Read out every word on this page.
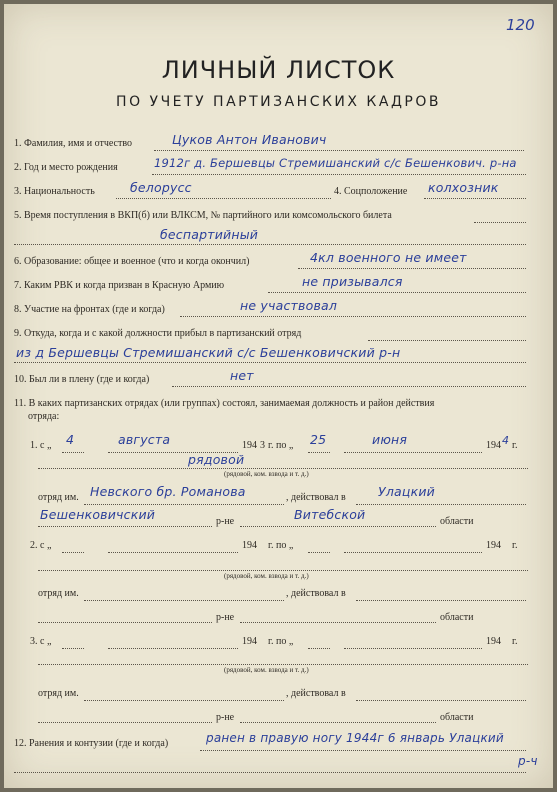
120
ЛИЧНЫЙ ЛИСТОК
ПО УЧЕТУ ПАРТИЗАНСКИХ КАДРОВ
1. Фамилия, имя и отчество	Цуков Антон Иванович
2. Год и место рождения	1912г д. Бершевцы Стремишанский с/с Бешенкович. р-на
3. Национальность	белорусс	4. Соцположение колхозник
5. Время поступления в ВКП(б) или ВЛКСМ, № партийного или комсомольского билета
беспартийный
6. Образование: общее и военное (что и когда окончил)	4кл военного не имеет
7. Каким РВК и когда призван в Красную Армию	не призывался
8. Участие на фронтах (где и когда)	не участвовал
9. Откуда, когда и с какой должности прибыл в партизанский отряд
из д Бершевцы Стремишанский с/с Бешенковичский р-н
10. Был ли в плену (где и когда)	нет
11. В каких партизанских отрядах (или группах) состоял, занимаемая должность и район действия
отряда:
1. с „ 4	августа	194 3 г. по „ 25	июня	194 4 г.
рядовой
(рядовой, ком. взвода и т. д.)
отряд им. Невского бр. Романова	, действовал в	Улацкий
Бешенковичский	р-не	Витебской	области
2. с „	194 г. по „	194 г.
(рядовой, ком. взвода и т. д.)
отряд им.	, действовал в
р-не	области
3. с „	194 г. по „	194 г.
(рядовой, ком. взвода и т. д.)
отряд им.	, действовал в
р-не	области
12. Ранения и контузии (где и когда)	ранен в правую ногу 1944г 6 январь Улацкий
р-ч
